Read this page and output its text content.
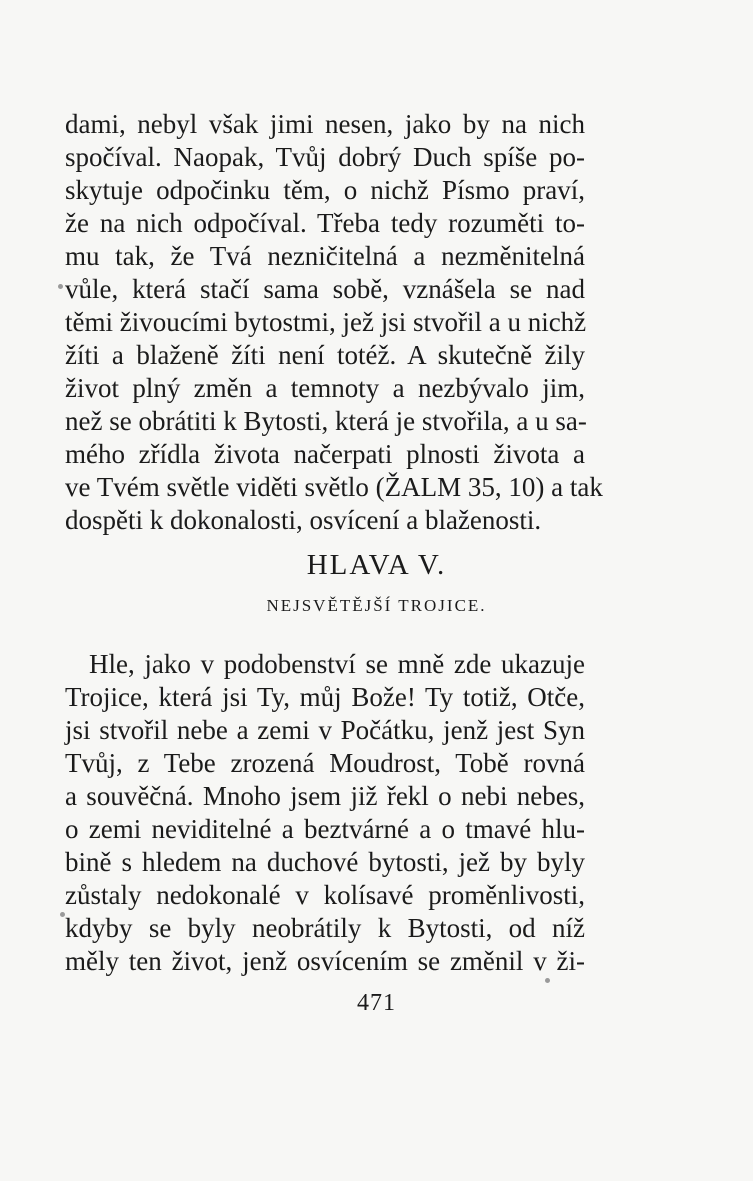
dami, nebyl však jimi nesen, jako by na nich
spočíval. Naopak, Tvůj dobrý Duch spíše po-
skytuje odpočinku těm, o nichž Písmo praví,
že na nich odpočíval. Třeba tedy rozuměti to-
mu tak, že Tvá nezničitelná a nezměnitelná
vůle, která stačí sama sobě, vznášela se nad
těmi živoucími bytostmi, jež jsi stvořil a u nichž
žíti a blaženě žíti není totéž. A skutečně žily
život plný změn a temnoty a nezbývalo jim,
než se obrátiti k Bytosti, která je stvořila, a u sa-
mého zřídla života načerpati plnosti života a
ve Tvém světle viděti světlo (ŽALM 35, 10) a tak
dospěti k dokonalosti, osvícení a blaženosti.
HLAVA V.
NEJSVĚTĚJŠÍ TROJICE.
Hle, jako v podobenství se mně zde ukazuje
Trojice, která jsi Ty, můj Bože! Ty totiž, Otče,
jsi stvořil nebe a zemi v Počátku, jenž jest Syn
Tvůj, z Tebe zrozená Moudrost, Tobě rovná
a souvěčná. Mnoho jsem již řekl o nebi nebes,
o zemi neviditelné a beztvárné a o tmavé hlu-
bině s hledem na duchové bytosti, jež by byly
zůstaly nedokonalé v kolísavé proměnlivosti,
kdyby se byly neobrátily k Bytosti, od níž
měly ten život, jenž osvícením se změnil v ži-
471
